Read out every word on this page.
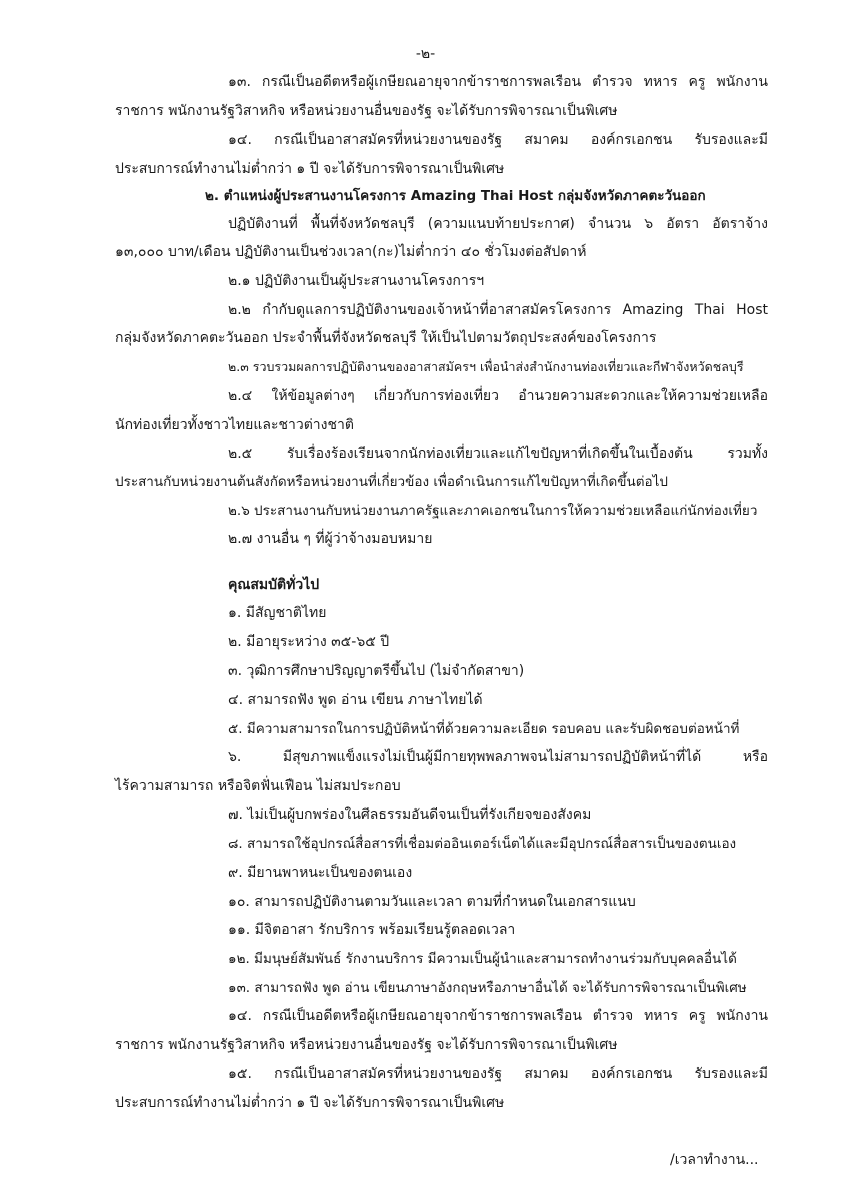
-๒-
๑๓. กรณีเป็นอดีตหรือผู้เกษียณอายุจากข้าราชการพลเรือน ตำรวจ ทหาร ครู พนักงาน
ราชการ พนักงานรัฐวิสาหกิจ หรือหน่วยงานอื่นของรัฐ จะได้รับการพิจารณาเป็นพิเศษ
๑๔. กรณีเป็นอาสาสมัครที่หน่วยงานของรัฐ สมาคม องค์กรเอกชน รับรองและมี
ประสบการณ์ทำงานไม่ต่ำกว่า ๑ ปี จะได้รับการพิจารณาเป็นพิเศษ
๒. ตำแหน่งผู้ประสานงานโครงการ Amazing Thai Host กลุ่มจังหวัดภาคตะวันออก
ปฏิบัติงานที่ พื้นที่จังหวัดชลบุรี (ความแนบท้ายประกาศ) จำนวน ๖ อัตรา อัตราจ้าง
๑๓,๐๐๐ บาท/เดือน ปฏิบัติงานเป็นช่วงเวลา(กะ)ไม่ต่ำกว่า ๔๐ ชั่วโมงต่อสัปดาห์
๒.๑ ปฏิบัติงานเป็นผู้ประสานงานโครงการฯ
๒.๒ กำกับดูแลการปฏิบัติงานของเจ้าหน้าที่อาสาสมัครโครงการ Amazing Thai Host
กลุ่มจังหวัดภาคตะวันออก ประจำพื้นที่จังหวัดชลบุรี ให้เป็นไปตามวัตถุประสงค์ของโครงการ
๒.๓ รวบรวมผลการปฏิบัติงานของอาสาสมัครฯ เพื่อนำส่งสำนักงานท่องเที่ยวและกีฬาจังหวัดชลบุรี
๒.๔ ให้ข้อมูลต่างๆ เกี่ยวกับการท่องเที่ยว อำนวยความสะดวกและให้ความช่วยเหลือ
นักท่องเที่ยวทั้งชาวไทยและชาวต่างชาติ
๒.๕ รับเรื่องร้องเรียนจากนักท่องเที่ยวและแก้ไขปัญหาที่เกิดขึ้นในเบื้องต้น รวมทั้ง
ประสานกับหน่วยงานต้นสังกัดหรือหน่วยงานที่เกี่ยวข้อง เพื่อดำเนินการแก้ไขปัญหาที่เกิดขึ้นต่อไป
๒.๖ ประสานงานกับหน่วยงานภาครัฐและภาคเอกชนในการให้ความช่วยเหลือแก่นักท่องเที่ยว
๒.๗ งานอื่น ๆ ที่ผู้ว่าจ้างมอบหมาย
คุณสมบัติทั่วไป
๑. มีสัญชาติไทย
๒. มีอายุระหว่าง ๓๕-๖๕ ปี
๓. วุฒิการศึกษาปริญญาตรีขึ้นไป (ไม่จำกัดสาขา)
๔. สามารถฟัง พูด อ่าน เขียน ภาษาไทยได้
๕. มีความสามารถในการปฏิบัติหน้าที่ด้วยความละเอียด รอบคอบ และรับผิดชอบต่อหน้าที่
๖. มีสุขภาพแข็งแรงไม่เป็นผู้มีกายทุพพลภาพจนไม่สามารถปฏิบัติหน้าที่ได้ หรือ
ไร้ความสามารถ หรือจิตฟั่นเฟือน ไม่สมประกอบ
๗. ไม่เป็นผู้บกพร่องในศีลธรรมอันดีจนเป็นที่รังเกียจของสังคม
๘. สามารถใช้อุปกรณ์สื่อสารที่เชื่อมต่ออินเตอร์เน็ตได้และมีอุปกรณ์สื่อสารเป็นของตนเอง
๙. มียานพาหนะเป็นของตนเอง
๑๐. สามารถปฏิบัติงานตามวันและเวลา ตามที่กำหนดในเอกสารแนบ
๑๑. มีจิตอาสา รักบริการ พร้อมเรียนรู้ตลอดเวลา
๑๒. มีมนุษย์สัมพันธ์ รักงานบริการ มีความเป็นผู้นำและสามารถทำงานร่วมกับบุคคลอื่นได้
๑๓. สามารถฟัง พูด อ่าน เขียนภาษาอังกฤษหรือภาษาอื่นได้ จะได้รับการพิจารณาเป็นพิเศษ
๑๔. กรณีเป็นอดีตหรือผู้เกษียณอายุจากข้าราชการพลเรือน ตำรวจ ทหาร ครู พนักงาน
ราชการ พนักงานรัฐวิสาหกิจ หรือหน่วยงานอื่นของรัฐ จะได้รับการพิจารณาเป็นพิเศษ
๑๕. กรณีเป็นอาสาสมัครที่หน่วยงานของรัฐ สมาคม องค์กรเอกชน รับรองและมี
ประสบการณ์ทำงานไม่ต่ำกว่า ๑ ปี จะได้รับการพิจารณาเป็นพิเศษ
/เวลาทำงาน...
